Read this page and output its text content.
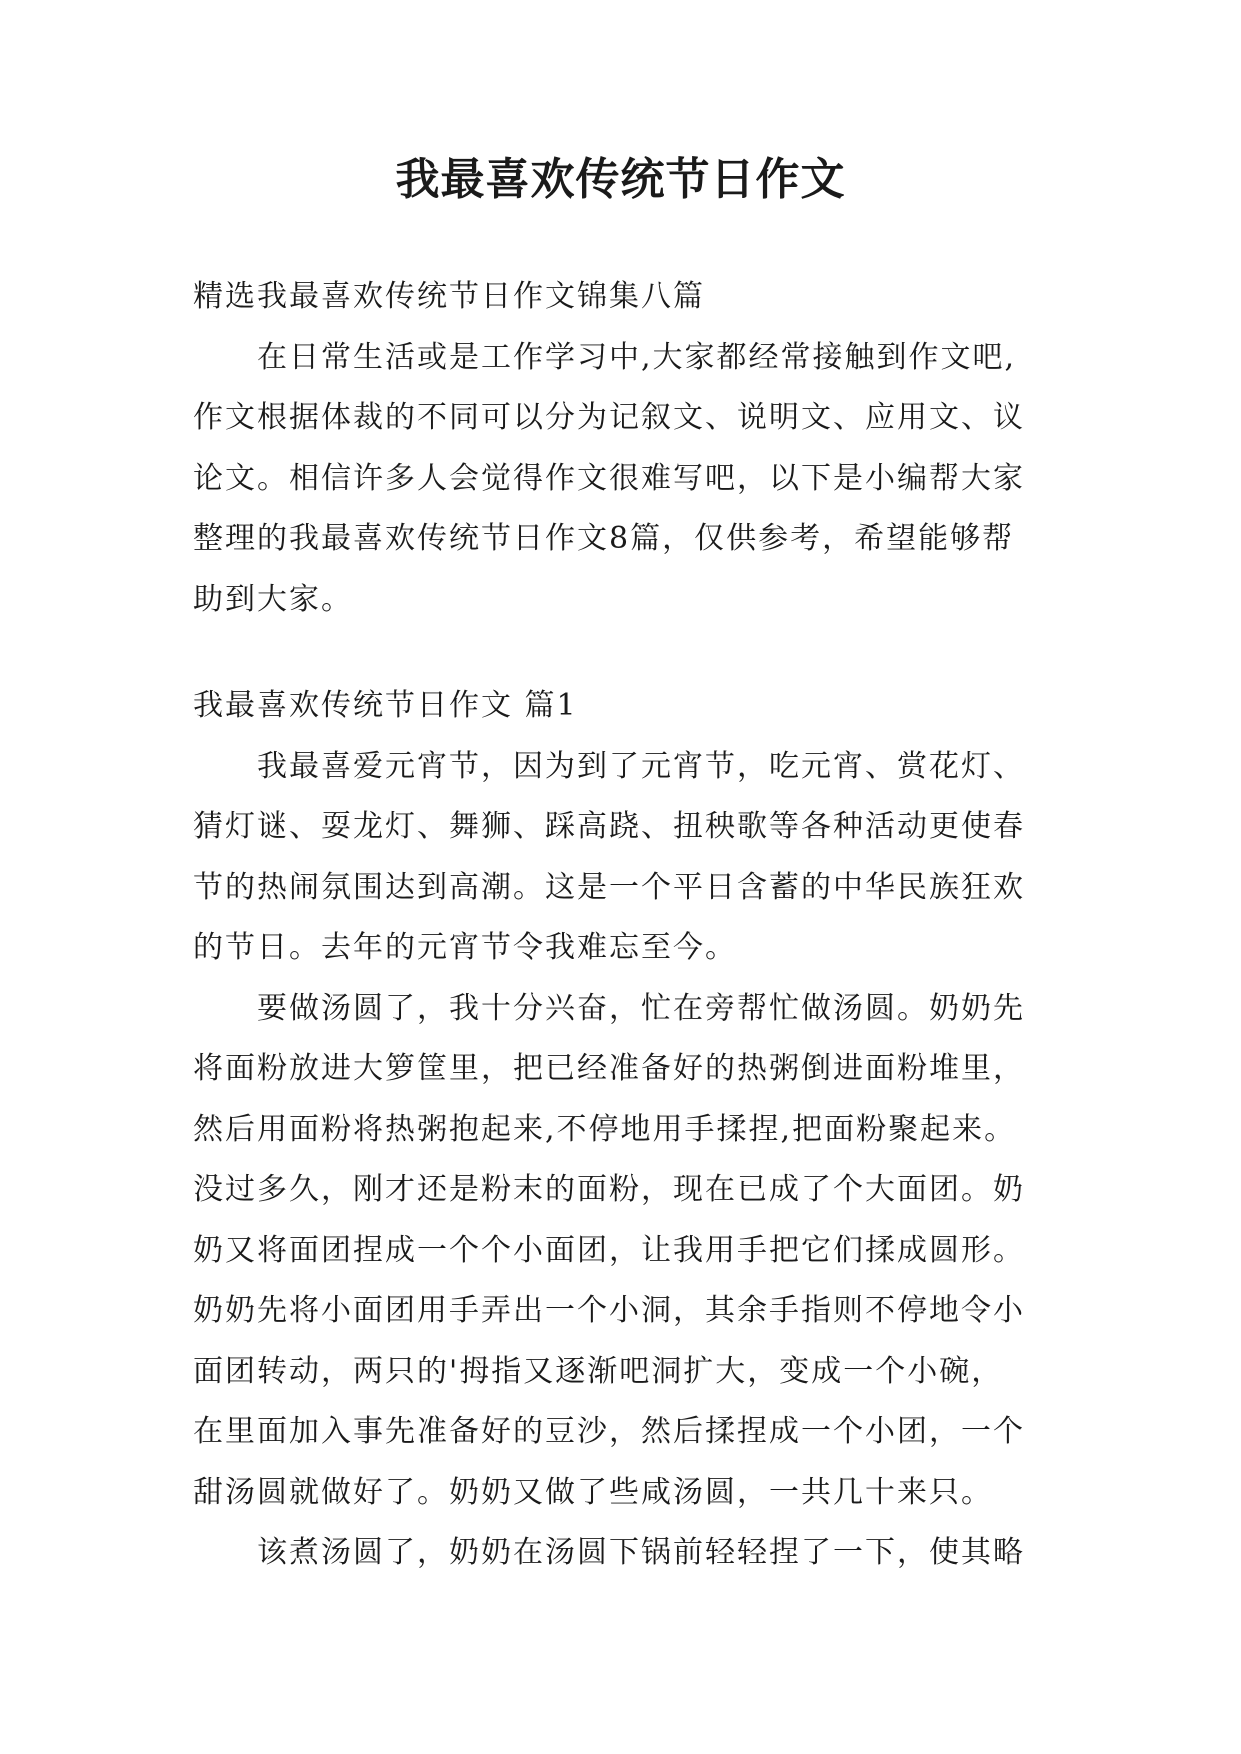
我最喜欢传统节日作文
精选我最喜欢传统节日作文锦集八篇
在日常生活或是工作学习中,大家都经常接触到作文吧,
作文根据体裁的不同可以分为记叙文、说明文、应用文、议
论文。相信许多人会觉得作文很难写吧，以下是小编帮大家
整理的我最喜欢传统节日作文8篇，仅供参考，希望能够帮
助到大家。
我最喜欢传统节日作文 篇1
我最喜爱元宵节，因为到了元宵节，吃元宵、赏花灯、
猜灯谜、耍龙灯、舞狮、踩高跷、扭秧歌等各种活动更使春
节的热闹氛围达到高潮。这是一个平日含蓄的中华民族狂欢
的节日。去年的元宵节令我难忘至今。
要做汤圆了，我十分兴奋，忙在旁帮忙做汤圆。奶奶先
将面粉放进大箩筐里，把已经准备好的热粥倒进面粉堆里，
然后用面粉将热粥抱起来,不停地用手揉捏,把面粉聚起来。
没过多久，刚才还是粉末的面粉，现在已成了个大面团。奶
奶又将面团捏成一个个小面团，让我用手把它们揉成圆形。
奶奶先将小面团用手弄出一个小洞，其余手指则不停地令小
面团转动，两只的'拇指又逐渐吧洞扩大，变成一个小碗，
在里面加入事先准备好的豆沙，然后揉捏成一个小团，一个
甜汤圆就做好了。奶奶又做了些咸汤圆，一共几十来只。
该煮汤圆了，奶奶在汤圆下锅前轻轻捏了一下，使其略
